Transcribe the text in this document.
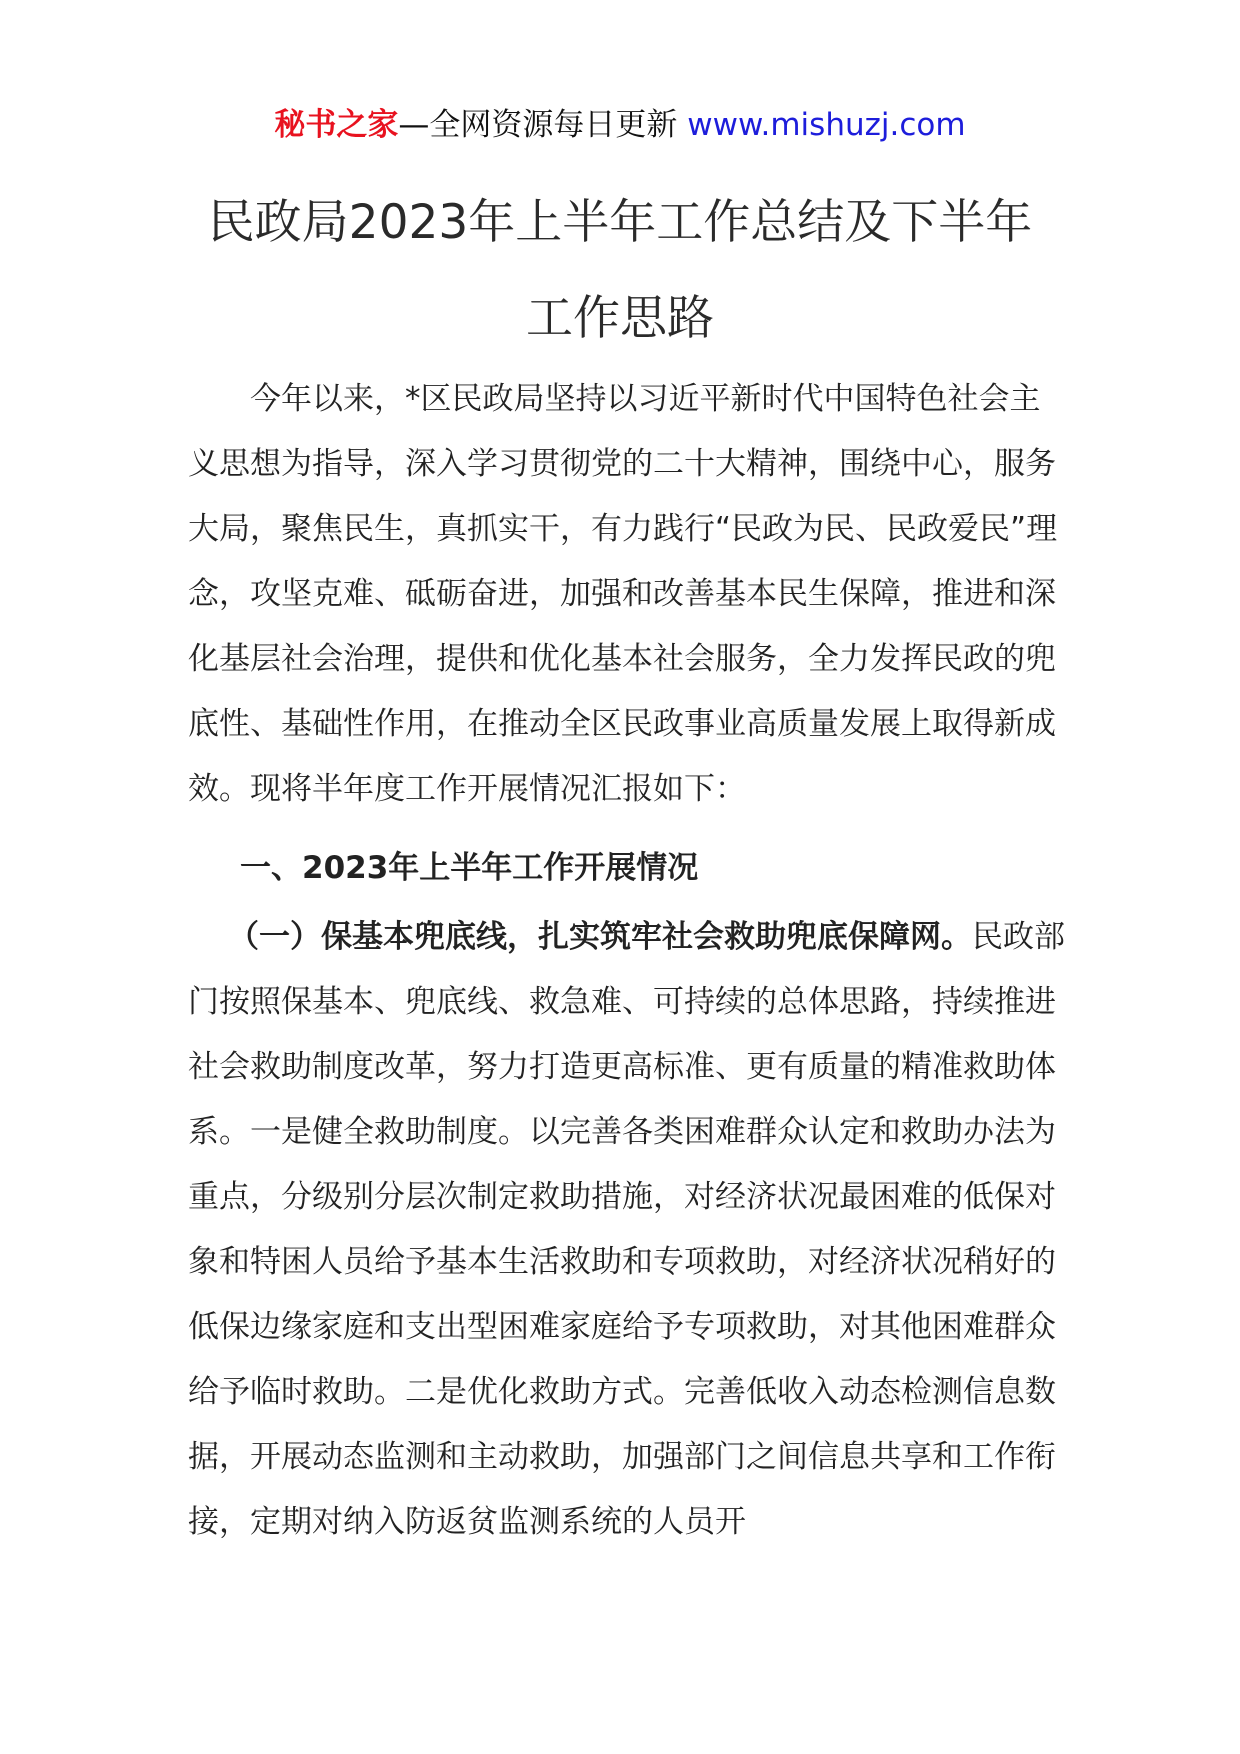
秘书之家—全网资源每日更新 www.mishuzj.com
民政局2023年上半年工作总结及下半年
工作思路

今年以来，*区民政局坚持以习近平新时代中国特色社会主义思想为指导，深入学习贯彻党的二十大精神，围绕中心，服务大局，聚焦民生，真抓实干，有力践行“民政为民、民政爱民”理念，攻坚克难、砥砺奋进，加强和改善基本民生保障，推进和深化基层社会治理，提供和优化基本社会服务，全力发挥民政的兜底性、基础性作用，在推动全区民政事业高质量发展上取得新成效。现将半年度工作开展情况汇报如下：

一、2023年上半年工作开展情况

（一）保基本兜底线，扎实筑牢社会救助兜底保障网。民政部门按照保基本、兜底线、救急难、可持续的总体思路，持续推进社会救助制度改革，努力打造更高标准、更有质量的精准救助体系。一是健全救助制度。以完善各类困难群众认定和救助办法为重点，分级别分层次制定救助措施，对经济状况最困难的低保对象和特困人员给予基本生活救助和专项救助，对经济状况稍好的低保边缘家庭和支出型困难家庭给予专项救助，对其他困难群众给予临时救助。二是优化救助方式。完善低收入动态检测信息数据，开展动态监测和主动救助，加强部门之间信息共享和工作衔接，定期对纳入防返贫监测系统的人员开
